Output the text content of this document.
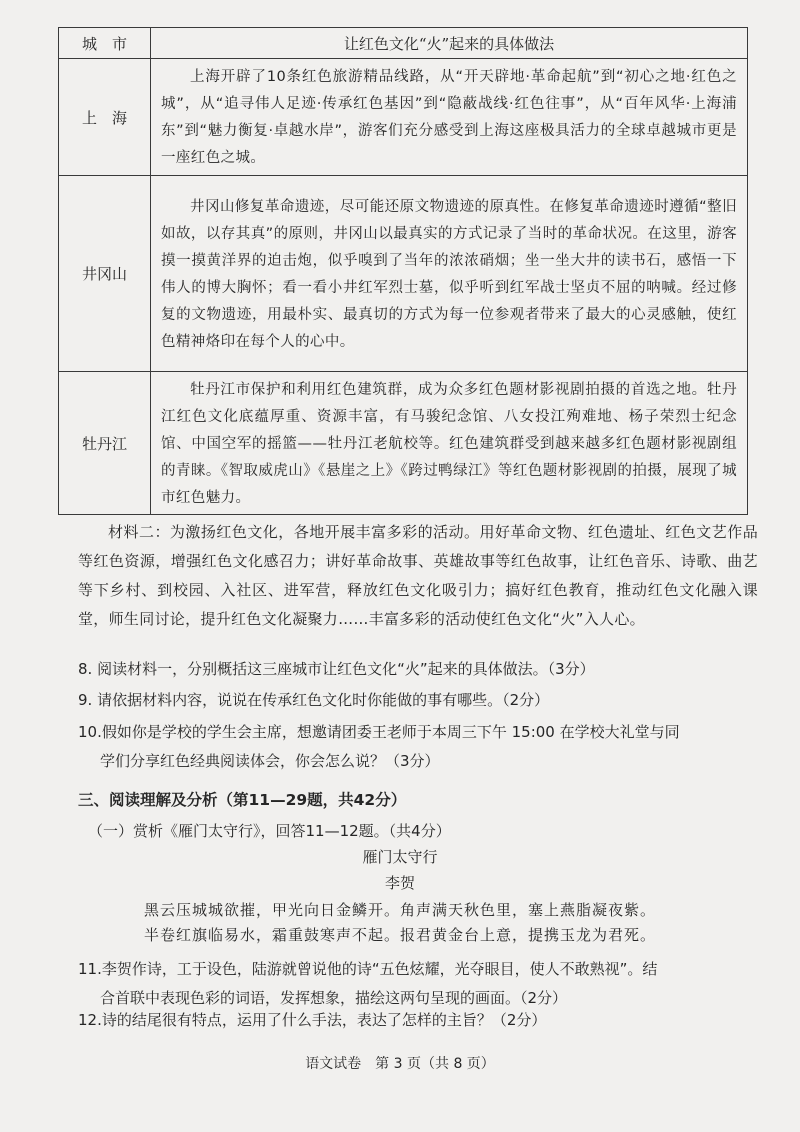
城　市	让红色文化“火”起来的具体做法
上　海	上海开辟了10条红色旅游精品线路，从“开天辟地·革命起航”到“初心之地·红色之城”，从“追寻伟人足迹·传承红色基因”到“隐蔽战线·红色往事”，从“百年风华·上海浦东”到“魅力衡复·卓越水岸”，游客们充分感受到上海这座极具活力的全球卓越城市更是一座红色之城。

井冈山	井冈山修复革命遗迹，尽可能还原文物遗迹的原真性。在修复革命遗迹时遵循“整旧如故，以存其真”的原则，井冈山以最真实的方式记录了当时的革命状况。在这里，游客摸一摸黄洋界的迫击炮，似乎嗅到了当年的浓浓硝烟；坐一坐大井的读书石，感悟一下伟人的博大胸怀；看一看小井红军烈士墓，似乎听到红军战士坚贞不屈的呐喊。经过修复的文物遗迹，用最朴实、最真切的方式为每一位参观者带来了最大的心灵感触，使红色精神烙印在每个人的心中。

牡丹江	牡丹江市保护和利用红色建筑群，成为众多红色题材影视剧拍摄的首选之地。牡丹江红色文化底蕴厚重、资源丰富，有马骏纪念馆、八女投江殉难地、杨子荣烈士纪念馆、中国空军的摇篮——牡丹江老航校等。红色建筑群受到越来越多红色题材影视剧组的青睐。《智取威虎山》《悬崖之上》《跨过鸭绿江》等红色题材影视剧的拍摄，展现了城市红色魅力。

材料二：为激扬红色文化，各地开展丰富多彩的活动。用好革命文物、红色遗址、红色文艺作品等红色资源，增强红色文化感召力；讲好革命故事、英雄故事等红色故事，让红色音乐、诗歌、曲艺等下乡村、到校园、入社区、进军营，释放红色文化吸引力；搞好红色教育，推动红色文化融入课堂，师生同讨论，提升红色文化凝聚力……丰富多彩的活动使红色文化“火”入人心。

8. 阅读材料一，分别概括这三座城市让红色文化“火”起来的具体做法。（3分）
9. 请依据材料内容，说说在传承红色文化时你能做的事有哪些。（2分）
10.假如你是学校的学生会主席，想邀请团委王老师于本周三下午 15:00 在学校大礼堂与同
学们分享红色经典阅读体会，你会怎么说？（3分）
三、阅读理解及分析（第11—29题，共42分）
（一）赏析《雁门太守行》，回答11—12题。（共4分）
雁门太守行
李贺
黑云压城城欲摧，甲光向日金鳞开。角声满天秋色里，塞上燕脂凝夜紫。
半卷红旗临易水，霜重鼓寒声不起。报君黄金台上意，提携玉龙为君死。
11.李贺作诗，工于设色，陆游就曾说他的诗“五色炫耀，光夺眼目，使人不敢熟视”。结
合首联中表现色彩的词语，发挥想象，描绘这两句呈现的画面。（2分）
12.诗的结尾很有特点，运用了什么手法，表达了怎样的主旨？（2分）
语文试卷　第 3 页（共 8 页）
